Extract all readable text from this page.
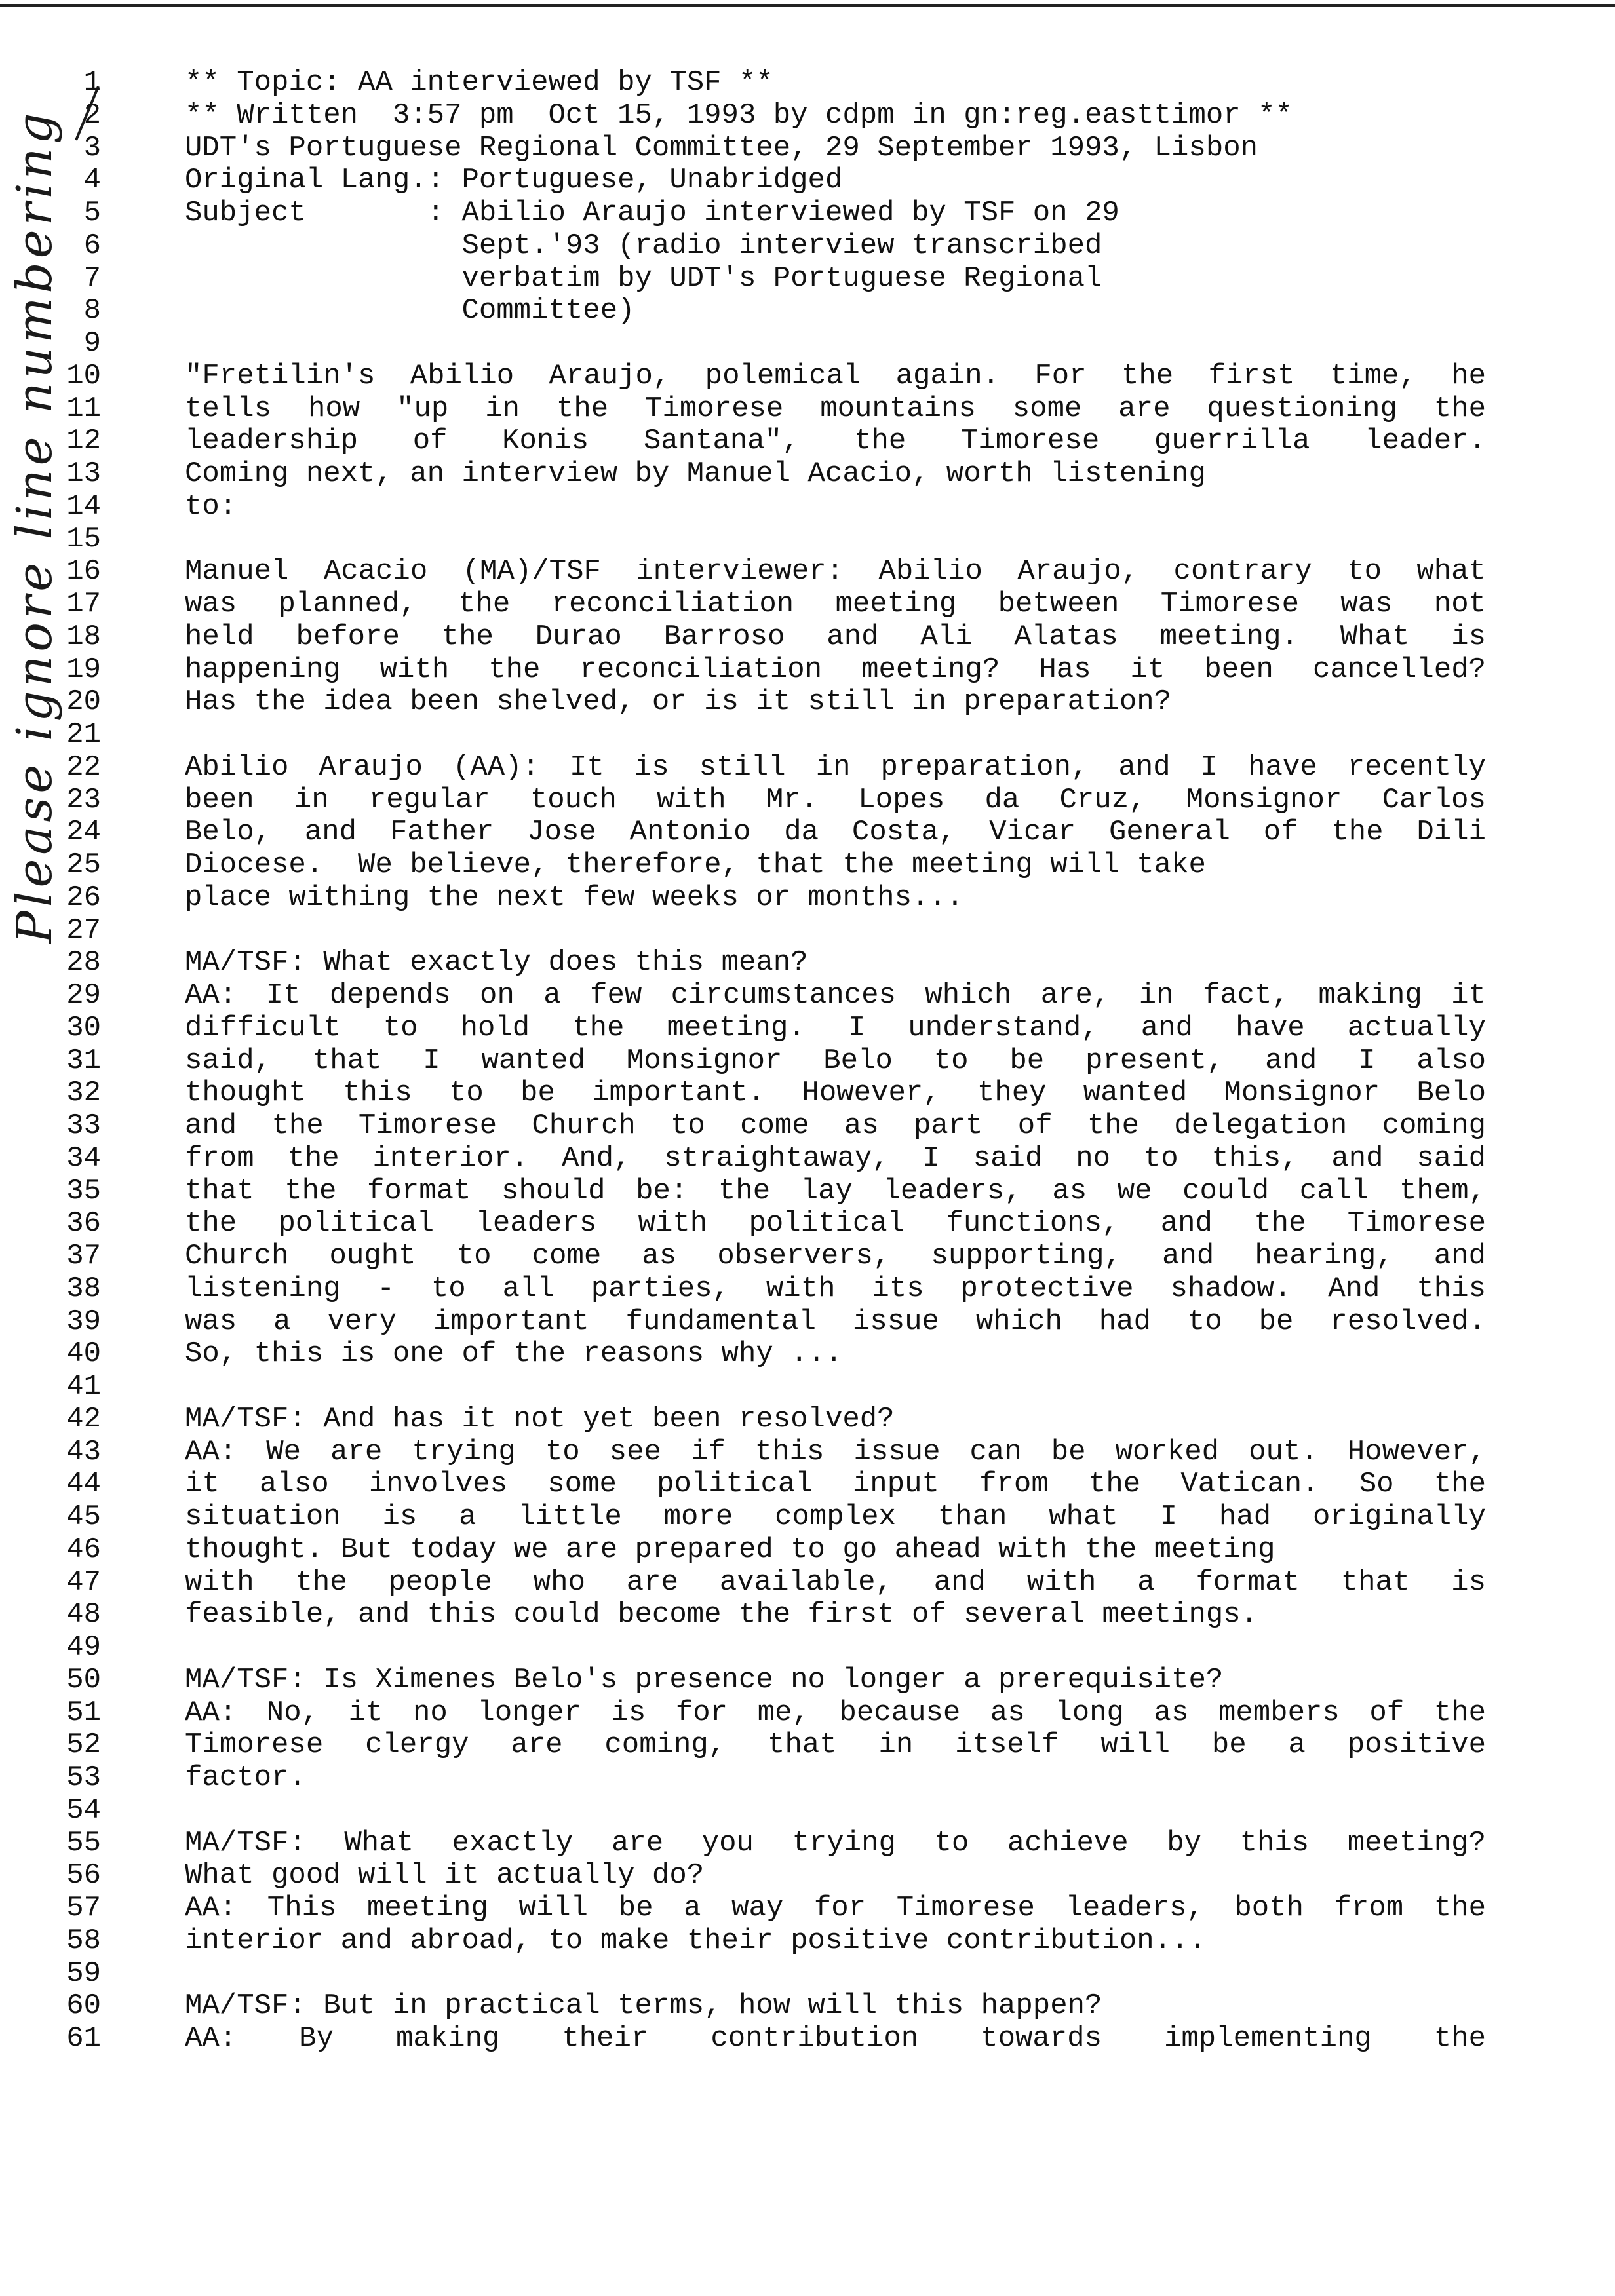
Please ignore line numbering
1
2
3
4
5
6
7
8
9
10
11
12
13
14
15
16
17
18
19
20
21
22
23
24
25
26
27
28
29
30
31
32
33
34
35
36
37
38
39
40
41
42
43
44
45
46
47
48
49
50
51
52
53
54
55
56
57
58
59
60
61
** Topic: AA interviewed by TSF **
** Written  3:57 pm  Oct 15, 1993 by cdpm in gn:reg.easttimor **
UDT's Portuguese Regional Committee, 29 September 1993, Lisbon
Original Lang.: Portuguese, Unabridged
Subject       : Abilio Araujo interviewed by TSF on 29
Sept.'93 (radio interview transcribed
verbatim by UDT's Portuguese Regional
Committee)
"Fretilin's Abilio Araujo, polemical again. For the first time, he
tells how "up in the Timorese mountains some are questioning the
leadership of Konis Santana", the Timorese guerrilla leader.
Coming next, an interview by Manuel Acacio, worth listening
to:
Manuel Acacio (MA)/TSF interviewer: Abilio Araujo, contrary to what
was planned, the reconciliation meeting between Timorese was not
held before the Durao Barroso and Ali Alatas meeting. What is
happening with the reconciliation meeting? Has it been cancelled?
Has the idea been shelved, or is it still in preparation?
Abilio Araujo (AA): It is still in preparation, and I have recently
been in regular touch with Mr. Lopes da Cruz, Monsignor Carlos
Belo, and Father Jose Antonio da Costa, Vicar General of the Dili
Diocese.  We believe, therefore, that the meeting will take
place withing the next few weeks or months...
MA/TSF: What exactly does this mean?
AA: It depends on a few circumstances which are, in fact, making it
difficult to hold the meeting. I understand, and have actually
said, that I wanted Monsignor Belo to be present, and I also
thought this to be important. However, they wanted Monsignor Belo
and the Timorese Church to come as part of the delegation coming
from the interior. And, straightaway, I said no to this, and said
that the format should be: the lay leaders, as we could call them,
the political leaders with political functions, and the Timorese
Church ought to come as observers, supporting, and hearing, and
listening - to all parties, with its protective shadow. And this
was a very important fundamental issue which had to be resolved.
So, this is one of the reasons why ...
MA/TSF: And has it not yet been resolved?
AA: We are trying to see if this issue can be worked out. However,
it also involves some political input from the Vatican. So the
situation is a little more complex than what I had originally
thought. But today we are prepared to go ahead with the meeting
with the people who are available, and with a format that is
feasible, and this could become the first of several meetings.
MA/TSF: Is Ximenes Belo's presence no longer a prerequisite?
AA: No, it no longer is for me, because as long as members of the
Timorese clergy are coming, that in itself will be a positive
factor.
MA/TSF: What exactly are you trying to achieve by this meeting?
What good will it actually do?
AA: This meeting will be a way for Timorese leaders, both from the
interior and abroad, to make their positive contribution...
MA/TSF: But in practical terms, how will this happen?
AA: By making their contribution towards implementing the
